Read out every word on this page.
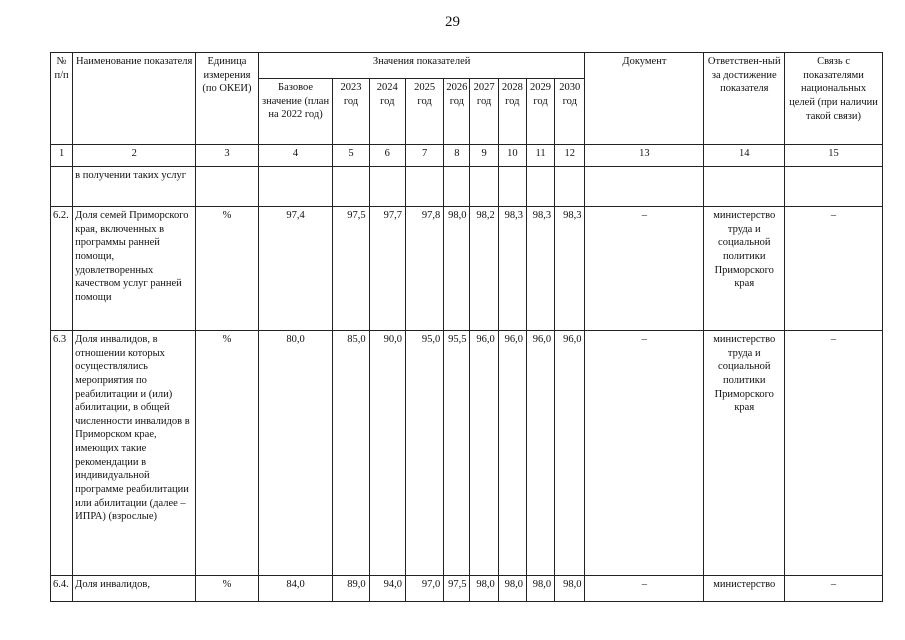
29
№ п/п	Наименование показателя	Единица измерения (по ОКЕИ)	Значения показателей									Документ	Ответствен-ный за достижение показателя	Связь с показателями национальных целей (при наличии такой связи)
			Базовое значение (план на 2022 год)	2023 год	2024 год	2025 год	2026 год	2027 год	2028 год	2029 год	2030 год			
1	2	3	4	5	6	7	8	9	10	11	12	13	14	15
	в получении таких услуг													
6.2.	Доля семей Приморского края, включенных в программы ранней помощи, удовлетворенных качеством услуг ранней помощи	%	97,4	97,5	97,7	97,8	98,0	98,2	98,3	98,3	98,3	–	министерство труда и социальной политики Приморского края	–
6.3	Доля инвалидов, в отношении которых осуществлялись мероприятия по реабилитации и (или) абилитации, в общей численности инвалидов в Приморском крае, имеющих такие рекомендации в индивидуальной программе реабилитации или абилитации (далее – ИПРА) (взрослые)	%	80,0	85,0	90,0	95,0	95,5	96,0	96,0	96,0	96,0	–	министерство труда и социальной политики Приморского края	–
6.4.	Доля инвалидов,	%	84,0	89,0	94,0	97,0	97,5	98,0	98,0	98,0	98,0	–	министерство	–
